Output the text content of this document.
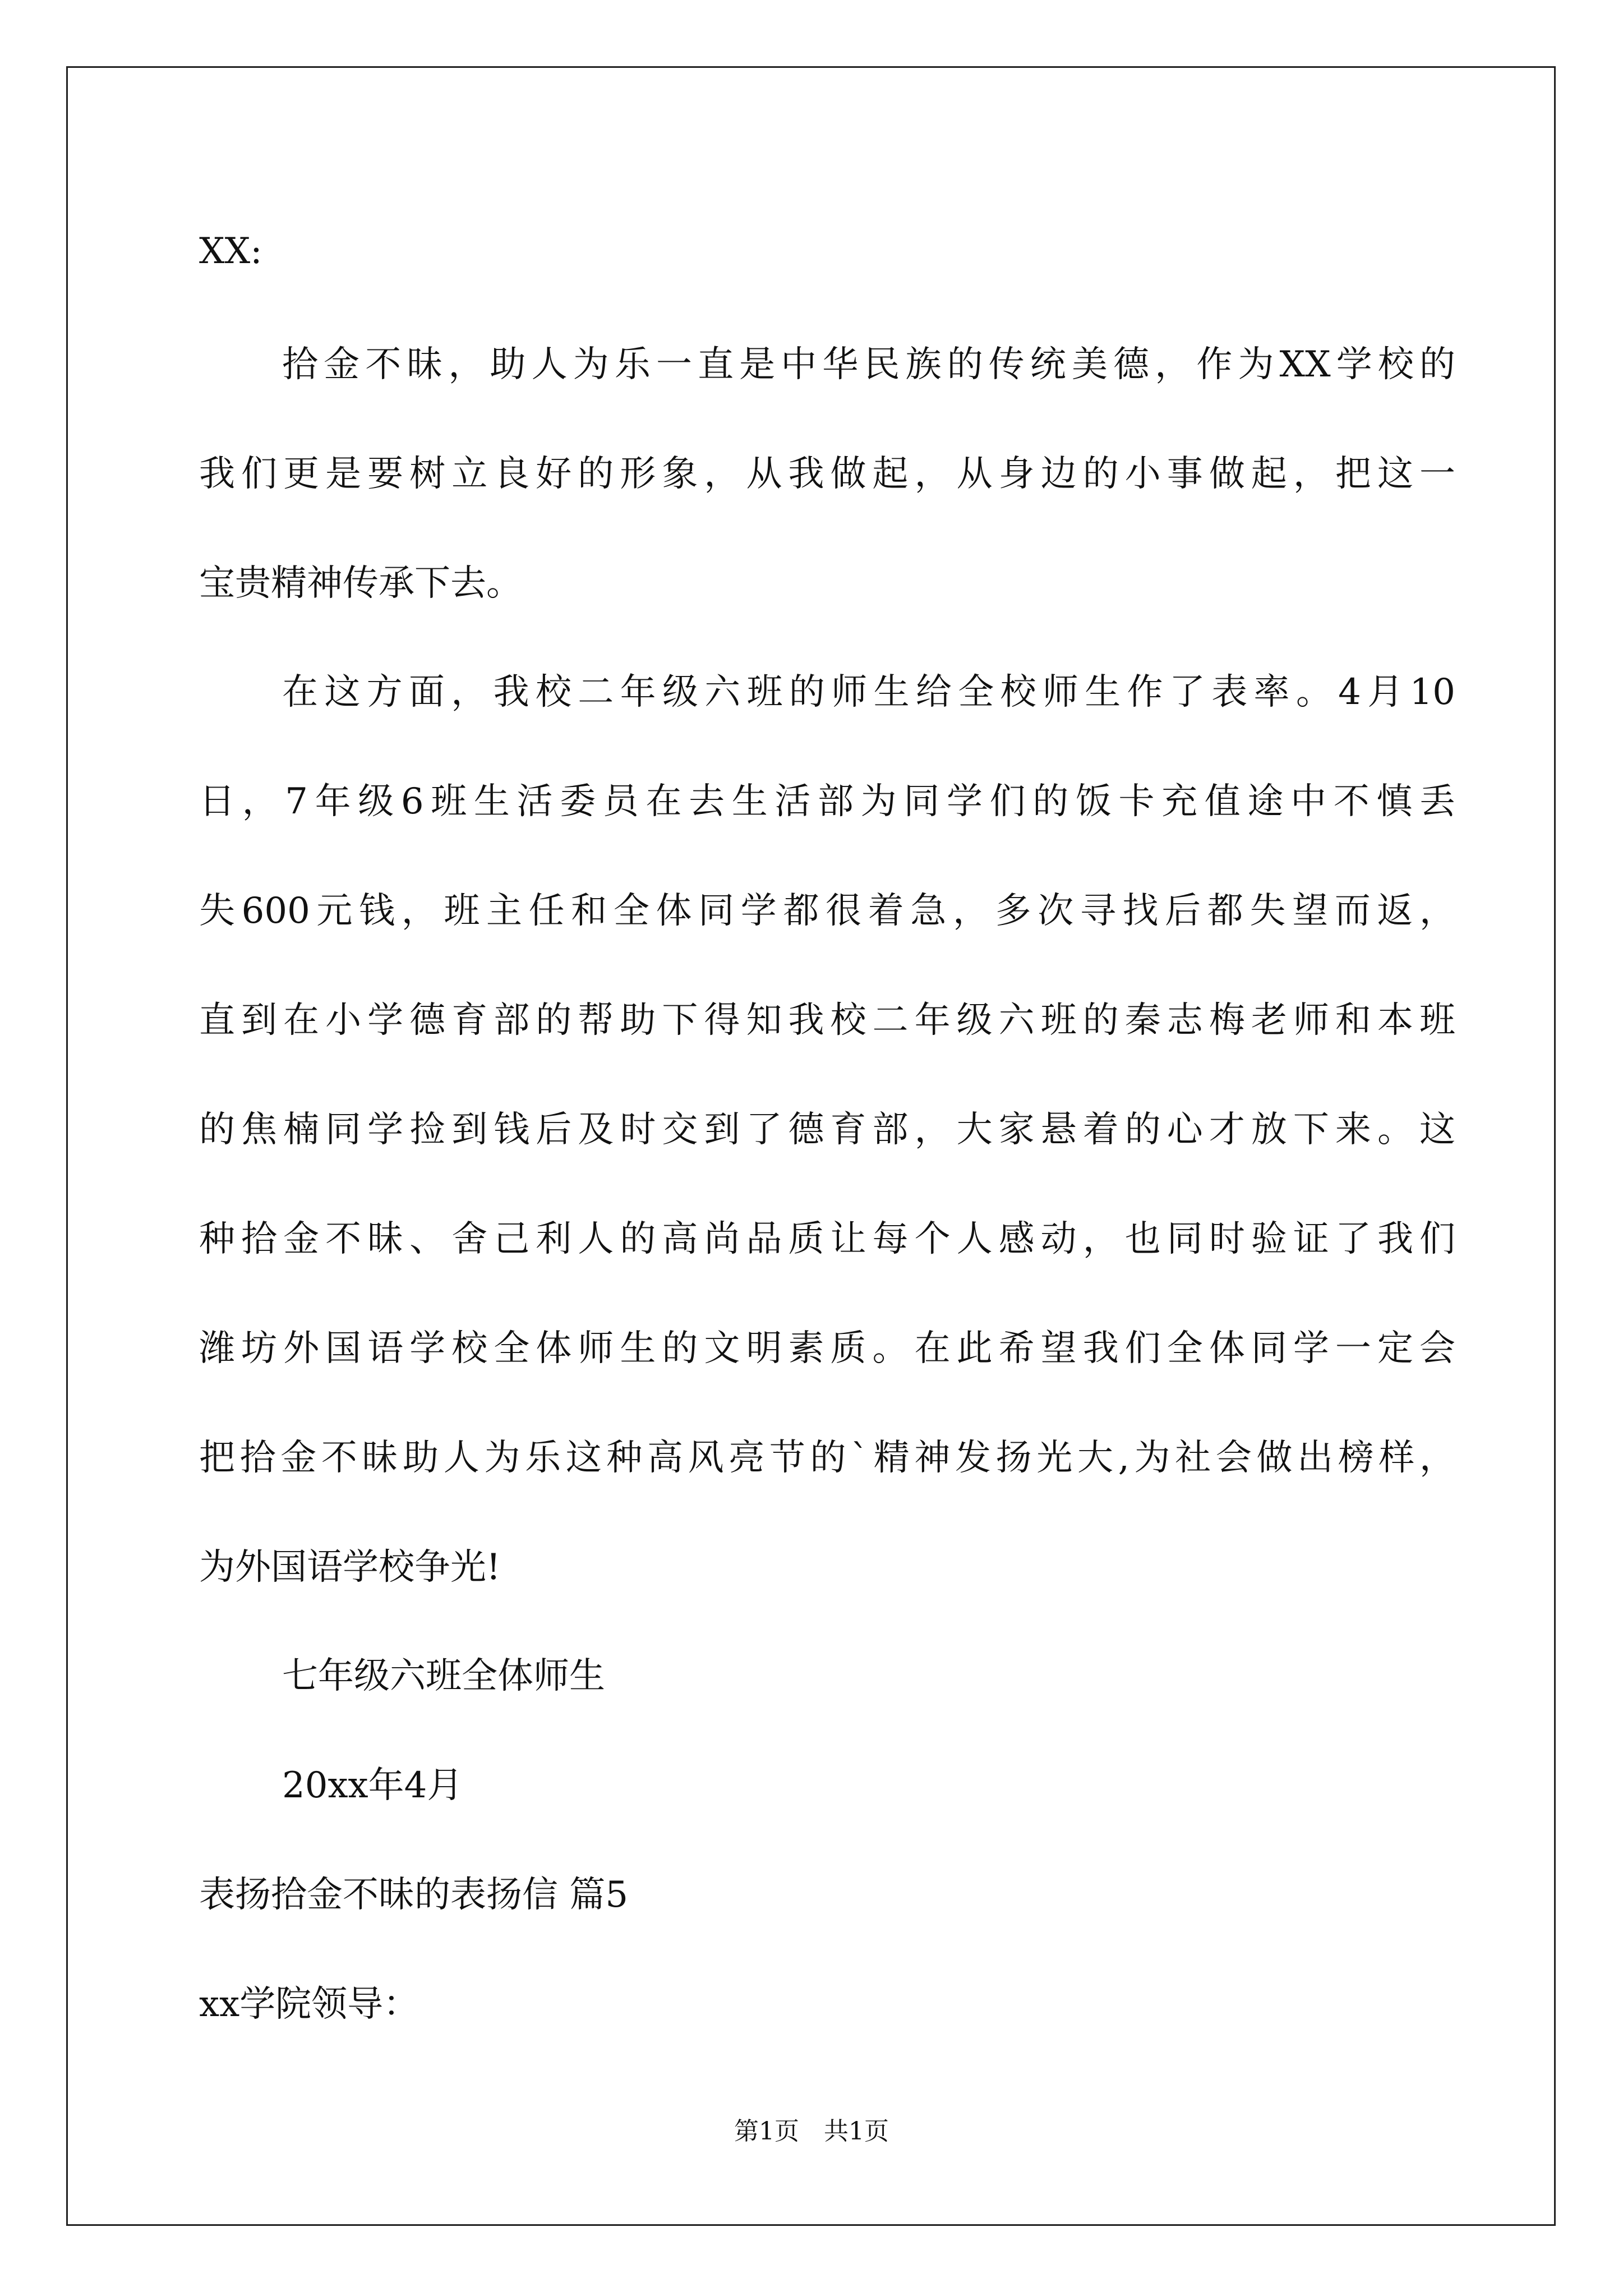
XX:
拾金不昧，助人为乐一直是中华民族的传统美德，作为XX学校的
我们更是要树立良好的形象，从我做起，从身边的小事做起，把这一
宝贵精神传承下去。
在这方面，我校二年级六班的师生给全校师生作了表率。4月10
日，7年级6班生活委员在去生活部为同学们的饭卡充值途中不慎丢
失600元钱，班主任和全体同学都很着急，多次寻找后都失望而返，
直到在小学德育部的帮助下得知我校二年级六班的秦志梅老师和本班
的焦楠同学捡到钱后及时交到了德育部，大家悬着的心才放下来。这
种拾金不昧、舍己利人的高尚品质让每个人感动，也同时验证了我们
潍坊外国语学校全体师生的文明素质。在此希望我们全体同学一定会
把拾金不昧助人为乐这种高风亮节的`精神发扬光大,为社会做出榜样，
为外国语学校争光!
七年级六班全体师生
20xx年4月
表扬拾金不昧的表扬信 篇5
xx学院领导：
第1页　共1页
